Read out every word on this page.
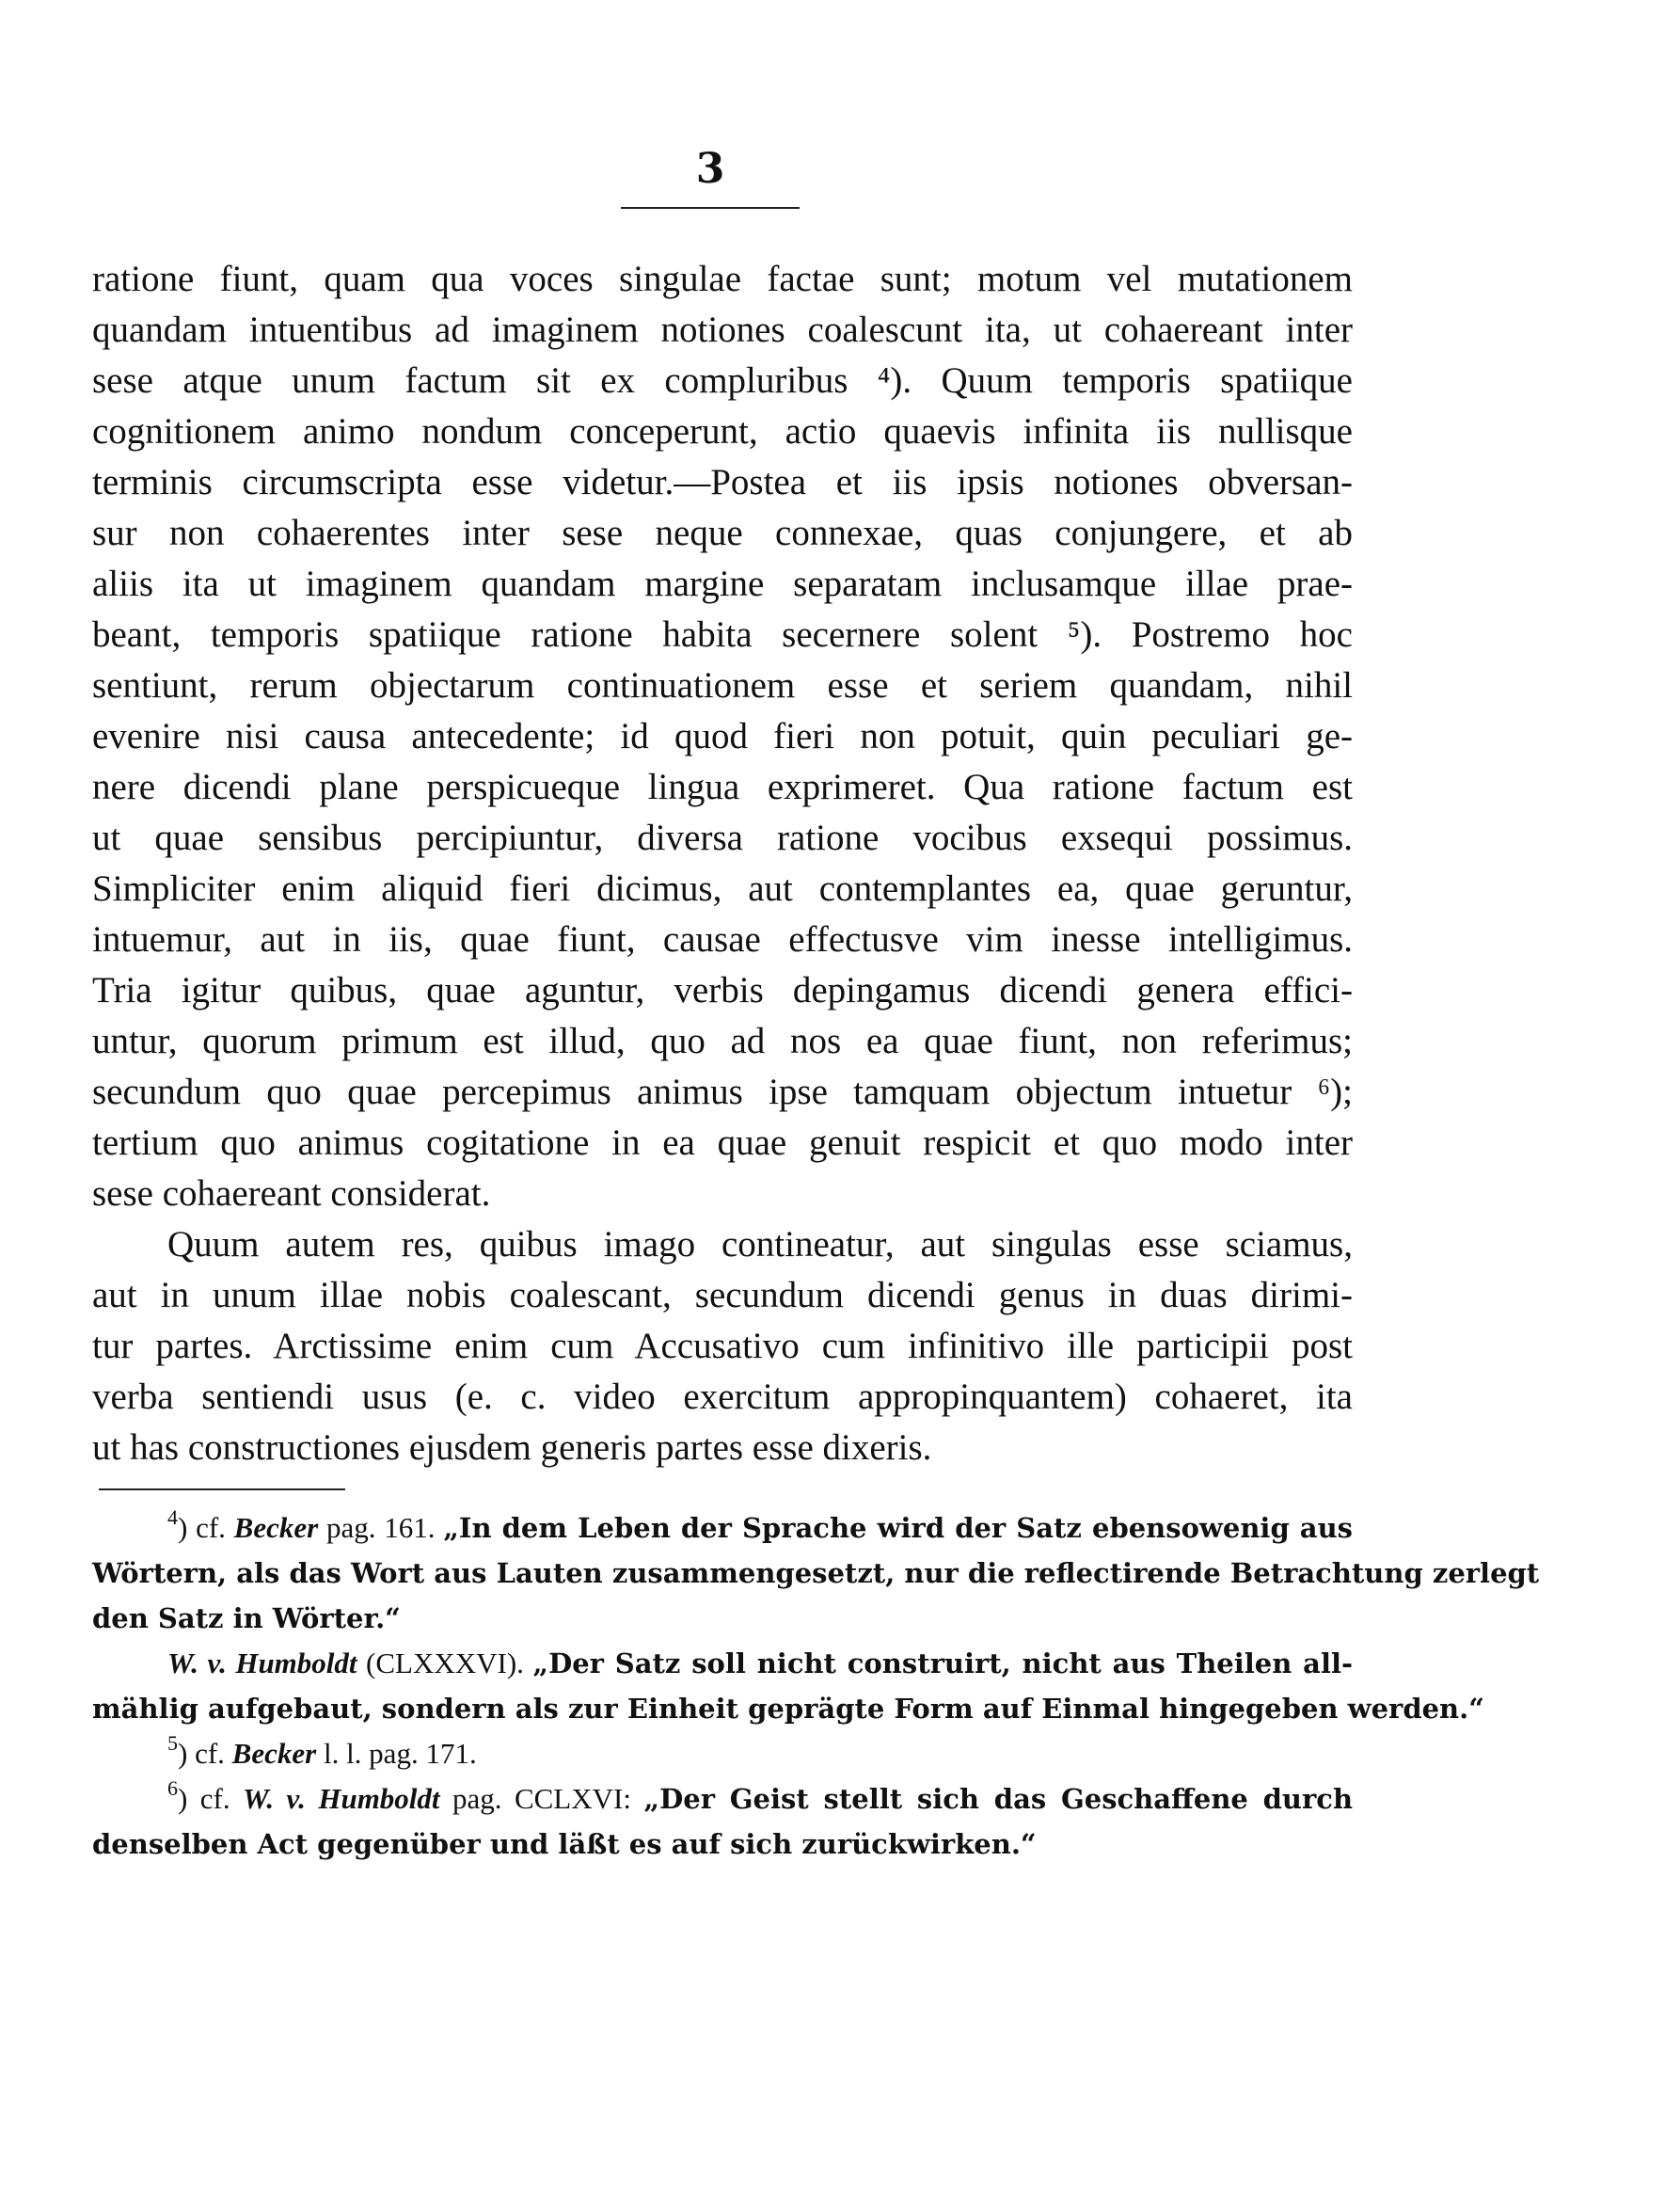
3

ratione fiunt, quam qua voces singulae factae sunt; motum vel mutationem
quandam intuentibus ad imaginem notiones coalescunt ita, ut cohaereant inter
sese atque unum factum sit ex compluribus ⁴). Quum temporis spatiique
cognitionem animo nondum conceperunt, actio quaevis infinita iis nullisque
terminis circumscripta esse videtur.—Postea et iis ipsis notiones obversan-
sur non cohaerentes inter sese neque connexae, quas conjungere, et ab
aliis ita ut imaginem quandam margine separatam inclusamque illae prae-
beant, temporis spatiique ratione habita secernere solent ⁵). Postremo hoc
sentiunt, rerum objectarum continuationem esse et seriem quandam, nihil
evenire nisi causa antecedente; id quod fieri non potuit, quin peculiari ge-
nere dicendi plane perspicueque lingua exprimeret. Qua ratione factum est
ut quae sensibus percipiuntur, diversa ratione vocibus exsequi possimus.
Simpliciter enim aliquid fieri dicimus, aut contemplantes ea, quae geruntur,
intuemur, aut in iis, quae fiunt, causae effectusve vim inesse intelligimus.
Tria igitur quibus, quae aguntur, verbis depingamus dicendi genera effici-
untur, quorum primum est illud, quo ad nos ea quae fiunt, non referimus;
secundum quo quae percepimus animus ipse tamquam objectum intuetur ⁶);
tertium quo animus cogitatione in ea quae genuit respicit et quo modo inter
sese cohaereant considerat.

Quum autem res, quibus imago contineatur, aut singulas esse sciamus,
aut in unum illae nobis coalescant, secundum dicendi genus in duas dirimi-
tur partes. Arctissime enim cum Accusativo cum infinitivo ille participii post
verba sentiendi usus (e. c. video exercitum appropinquantem) cohaeret, ita
ut has constructiones ejusdem generis partes esse dixeris.

$^4$) cf. Becker pag. 161. „In dem Leben der Sprache wird der Satz ebensowenig aus
Wörtern, als das Wort aus Lauten zusammengesetzt, nur die reflectirende Betrachtung zerlegt
den Satz in Wörter.“
W. v. Humboldt (CLXXXVI). „Der Satz soll nicht construirt, nicht aus Theilen all-
mählig aufgebaut, sondern als zur Einheit geprägte Form auf Einmal hingegeben werden.“
$^5$) cf. Becker l. l. pag. 171.
$^6$) cf. W. v. Humboldt pag. CCLXVI: „Der Geist stellt sich das Geschaffene durch
denselben Act gegenüber und läßt es auf sich zurückwirken.“
